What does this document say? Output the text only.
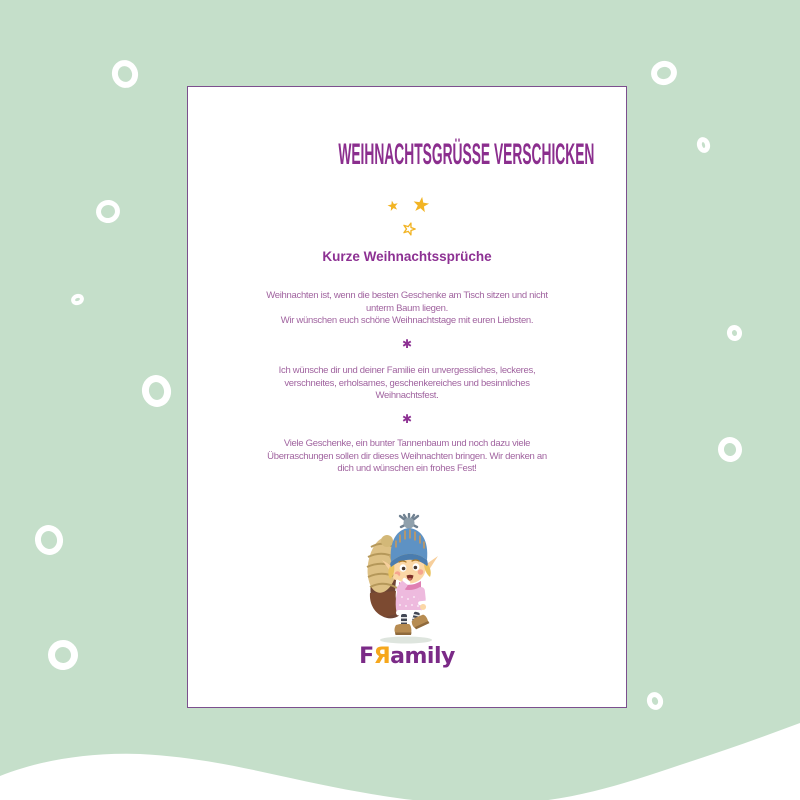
WEIHNACHTSGRÜSSE VERSCHICKEN
Kurze Weihnachtssprüche

Weihnachten ist, wenn die besten Geschenke am Tisch sitzen und nicht
unterm Baum liegen.
Wir wünschen euch schöne Weihnachtstage mit euren Liebsten.

✱

Ich wünsche dir und deiner Familie ein unvergessliches, leckeres,
verschneites, erholsames, geschenkereiches und besinnliches
Weihnachtsfest.

✱

Viele Geschenke, ein bunter Tannenbaum und noch dazu viele
Überraschungen sollen dir dieses Weihnachten bringen. Wir denken an
dich und wünschen ein frohes Fest!

FЯamily
